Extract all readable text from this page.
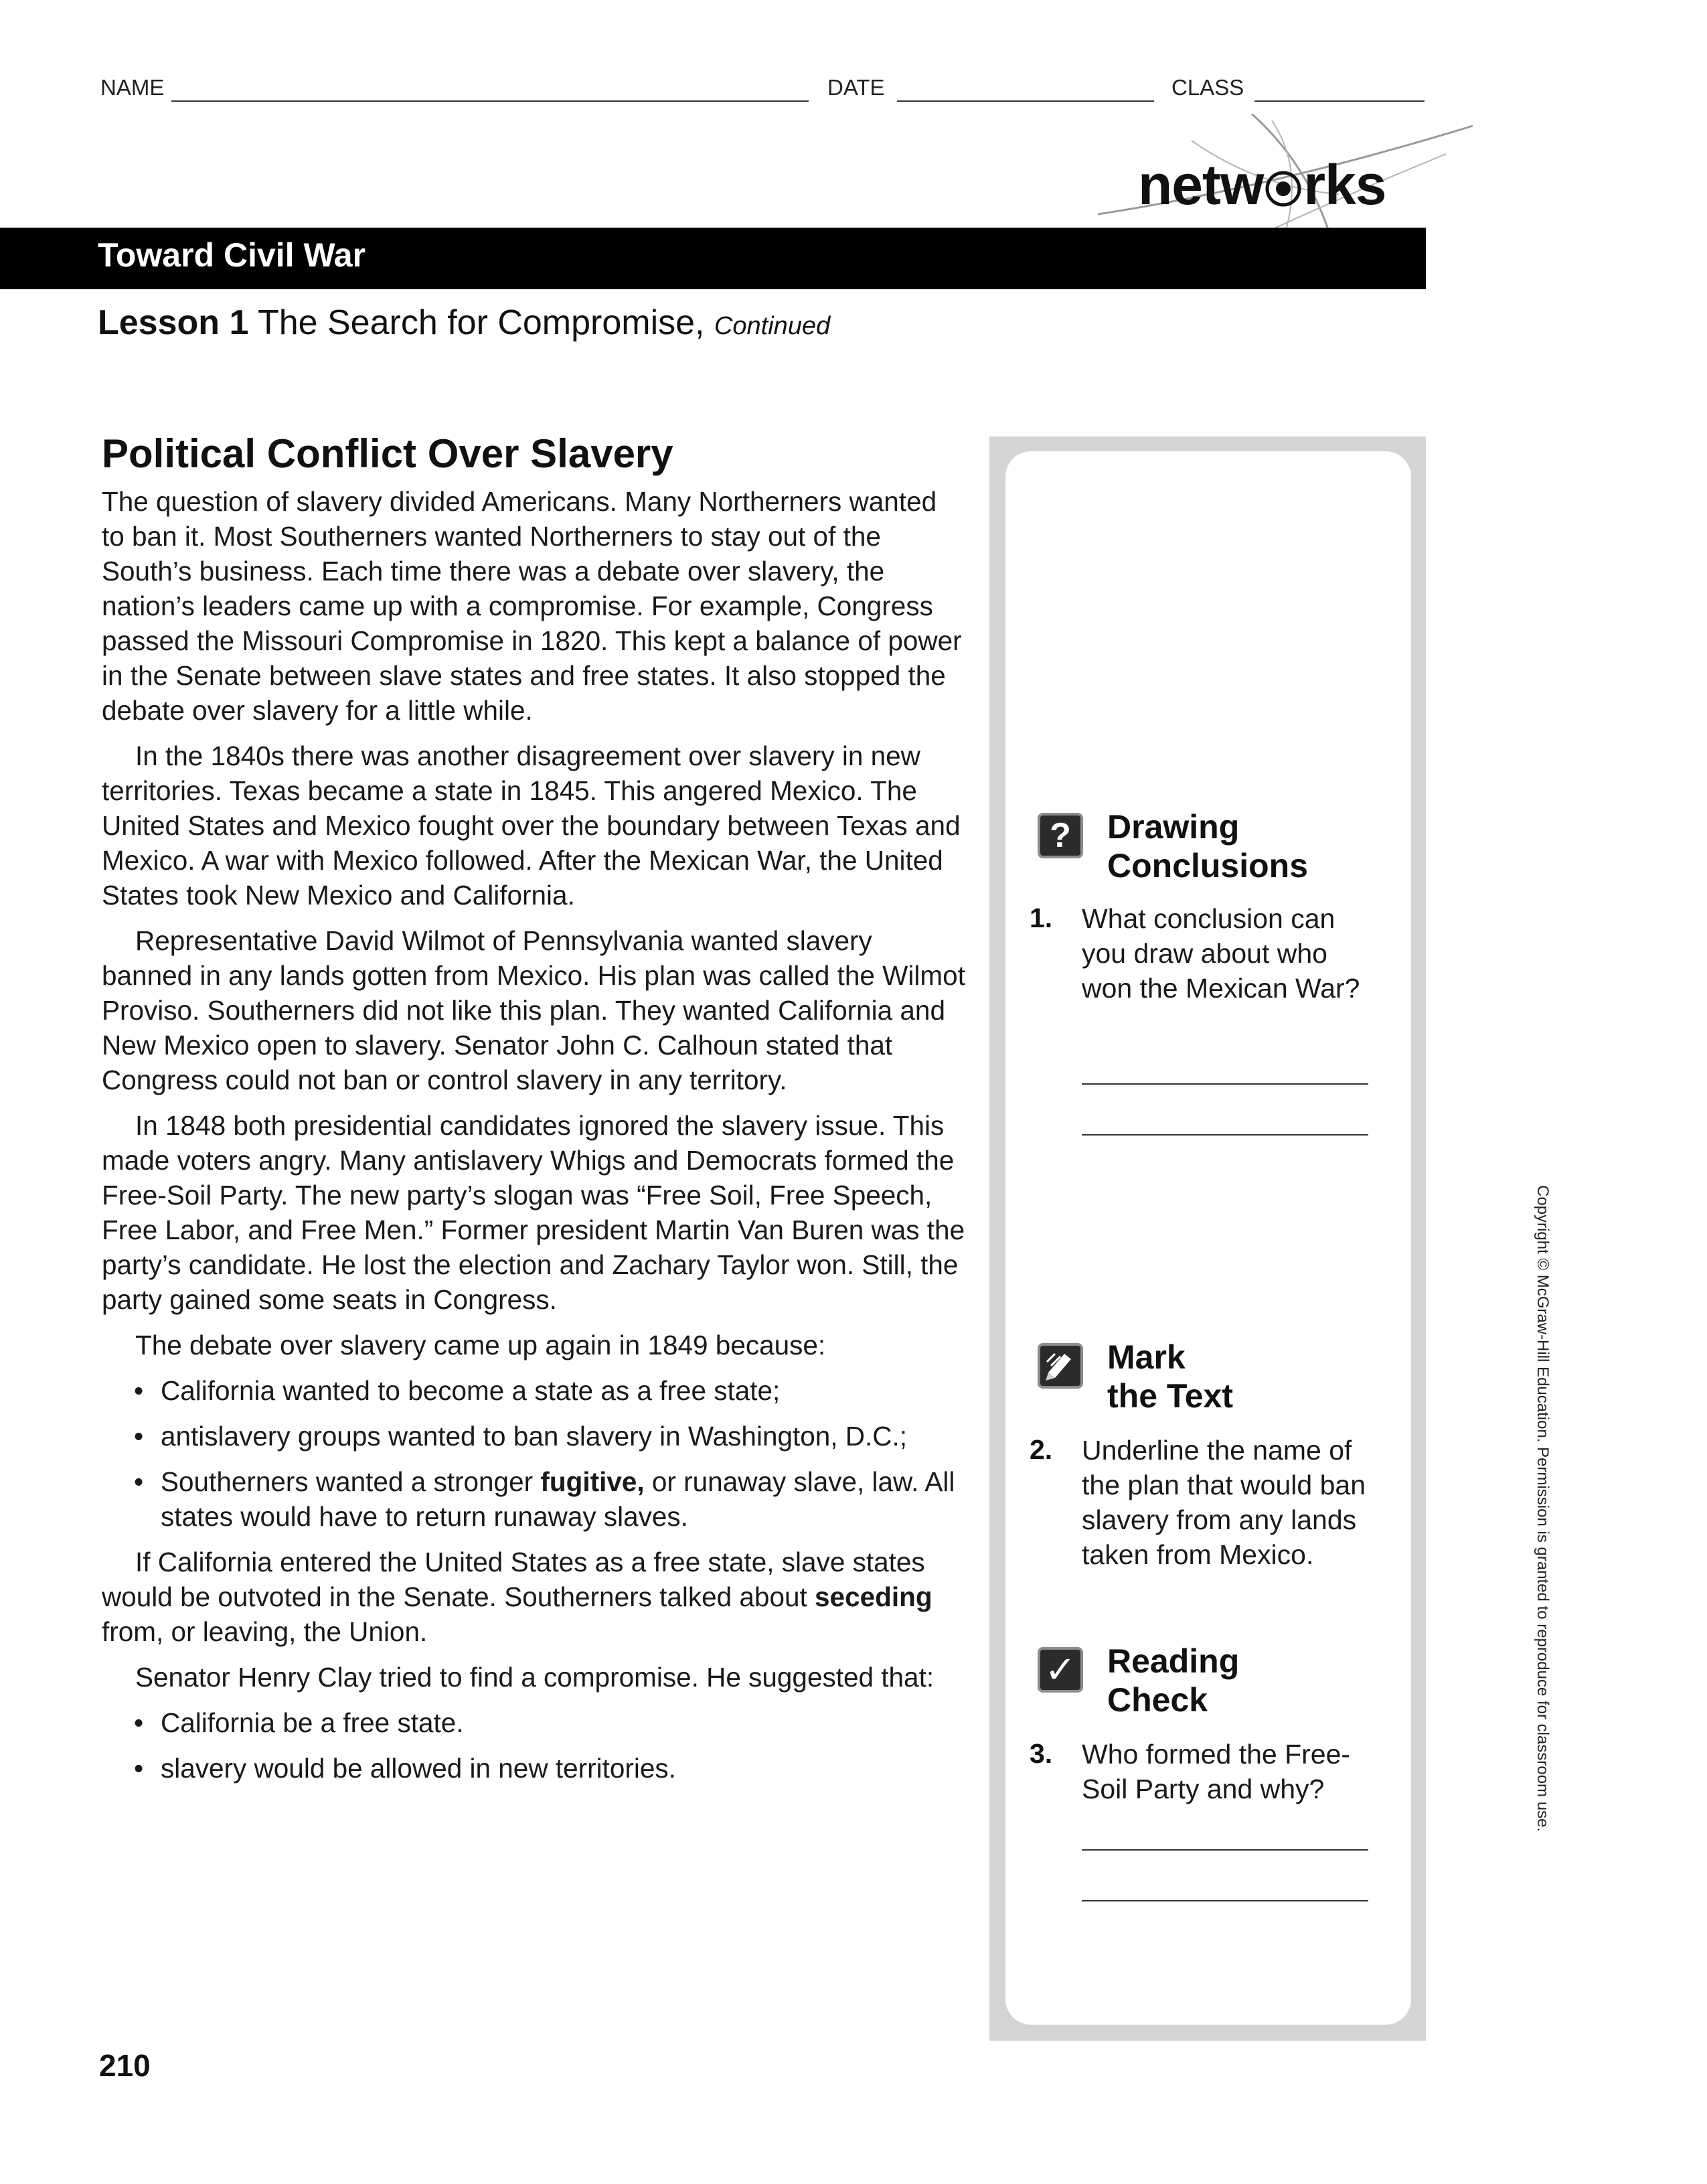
NAME	DATE	CLASS
netw rks
Toward Civil War
Lesson 1 The Search for Compromise, Continued
Political Conflict Over Slavery

The question of slavery divided Americans. Many Northerners wanted to ban it. Most Southerners wanted Northerners to stay out of the South’s business. Each time there was a debate over slavery, the nation’s leaders came up with a compromise. For example, Congress passed the Missouri Compromise in 1820. This kept a balance of power in the Senate between slave states and free states. It also stopped the debate over slavery for a little while.

In the 1840s there was another disagreement over slavery in new territories. Texas became a state in 1845. This angered Mexico. The United States and Mexico fought over the boundary between Texas and Mexico. A war with Mexico followed. After the Mexican War, the United States took New Mexico and California.

Representative David Wilmot of Pennsylvania wanted slavery banned in any lands gotten from Mexico. His plan was called the Wilmot Proviso. Southerners did not like this plan. They wanted California and New Mexico open to slavery. Senator John C. Calhoun stated that Congress could not ban or control slavery in any territory.

In 1848 both presidential candidates ignored the slavery issue. This made voters angry. Many antislavery Whigs and Democrats formed the Free-Soil Party. The new party’s slogan was “Free Soil, Free Speech, Free Labor, and Free Men.” Former president Martin Van Buren was the party’s candidate. He lost the election and Zachary Taylor won. Still, the party gained some seats in Congress.

The debate over slavery came up again in 1849 because:

• California wanted to become a state as a free state;
• antislavery groups wanted to ban slavery in Washington, D.C.;
• Southerners wanted a stronger fugitive, or runaway slave, law. All states would have to return runaway slaves.

If California entered the United States as a free state, slave states would be outvoted in the Senate. Southerners talked about seceding from, or leaving, the Union.

Senator Henry Clay tried to find a compromise. He suggested that:

• California be a free state.
• slavery would be allowed in new territories.
?	Drawing
Conclusions
1. What conclusion can you draw about who won the Mexican War?
Mark
the Text
2. Underline the name of the plan that would ban slavery from any lands taken from Mexico.
✓ Reading
Check
3. Who formed the Free-Soil Party and why?	Copyright © McGraw-Hill Education. Permission is granted to reproduce for classroom use.
210
